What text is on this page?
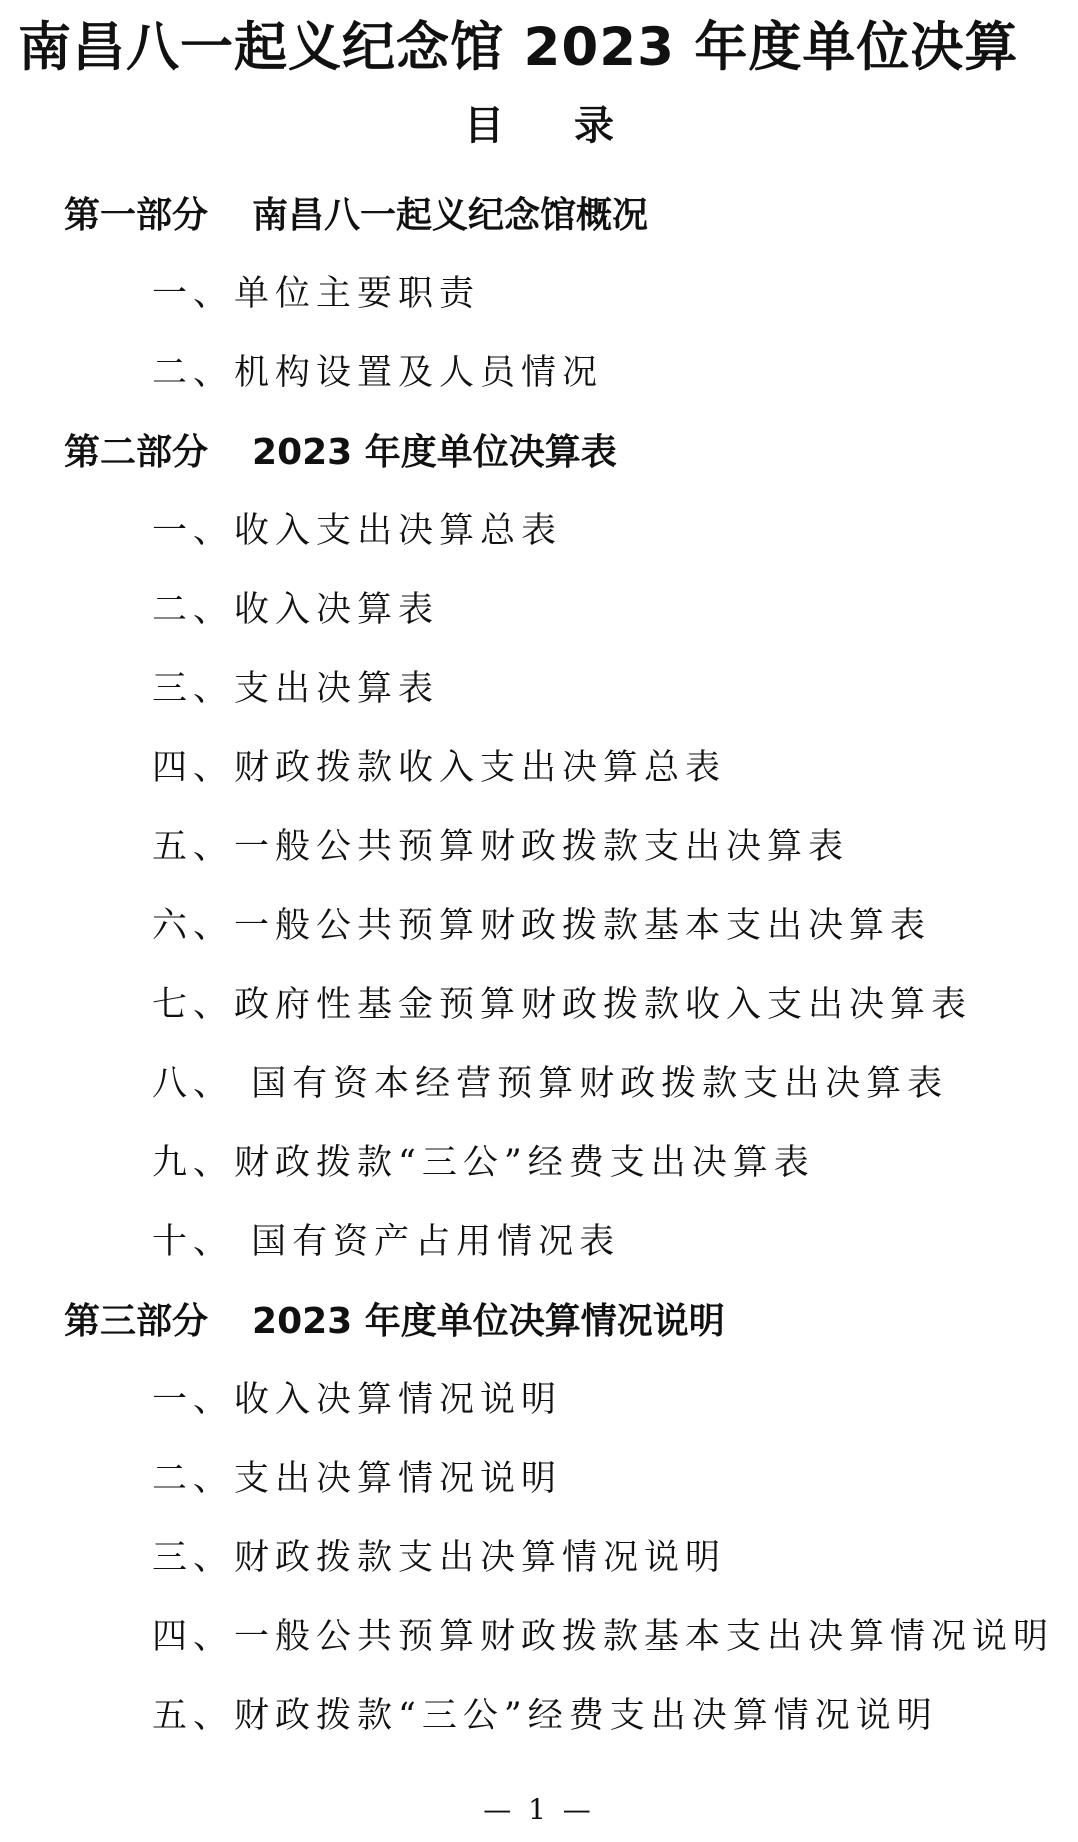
南昌八一起义纪念馆 2023 年度单位决算
目录
第一部分 南昌八一起义纪念馆概况
一、单位主要职责
二、机构设置及人员情况
第二部分 2023 年度单位决算表
一、收入支出决算总表
二、收入决算表
三、支出决算表
四、财政拨款收入支出决算总表
五、一般公共预算财政拨款支出决算表
六、一般公共预算财政拨款基本支出决算表
七、政府性基金预算财政拨款收入支出决算表
八、 国有资本经营预算财政拨款支出决算表
九、财政拨款“三公”经费支出决算表
十、 国有资产占用情况表
第三部分 2023 年度单位决算情况说明
一、收入决算情况说明
二、支出决算情况说明
三、财政拨款支出决算情况说明
四、一般公共预算财政拨款基本支出决算情况说明
五、财政拨款“三公”经费支出决算情况说明
— 1 —
